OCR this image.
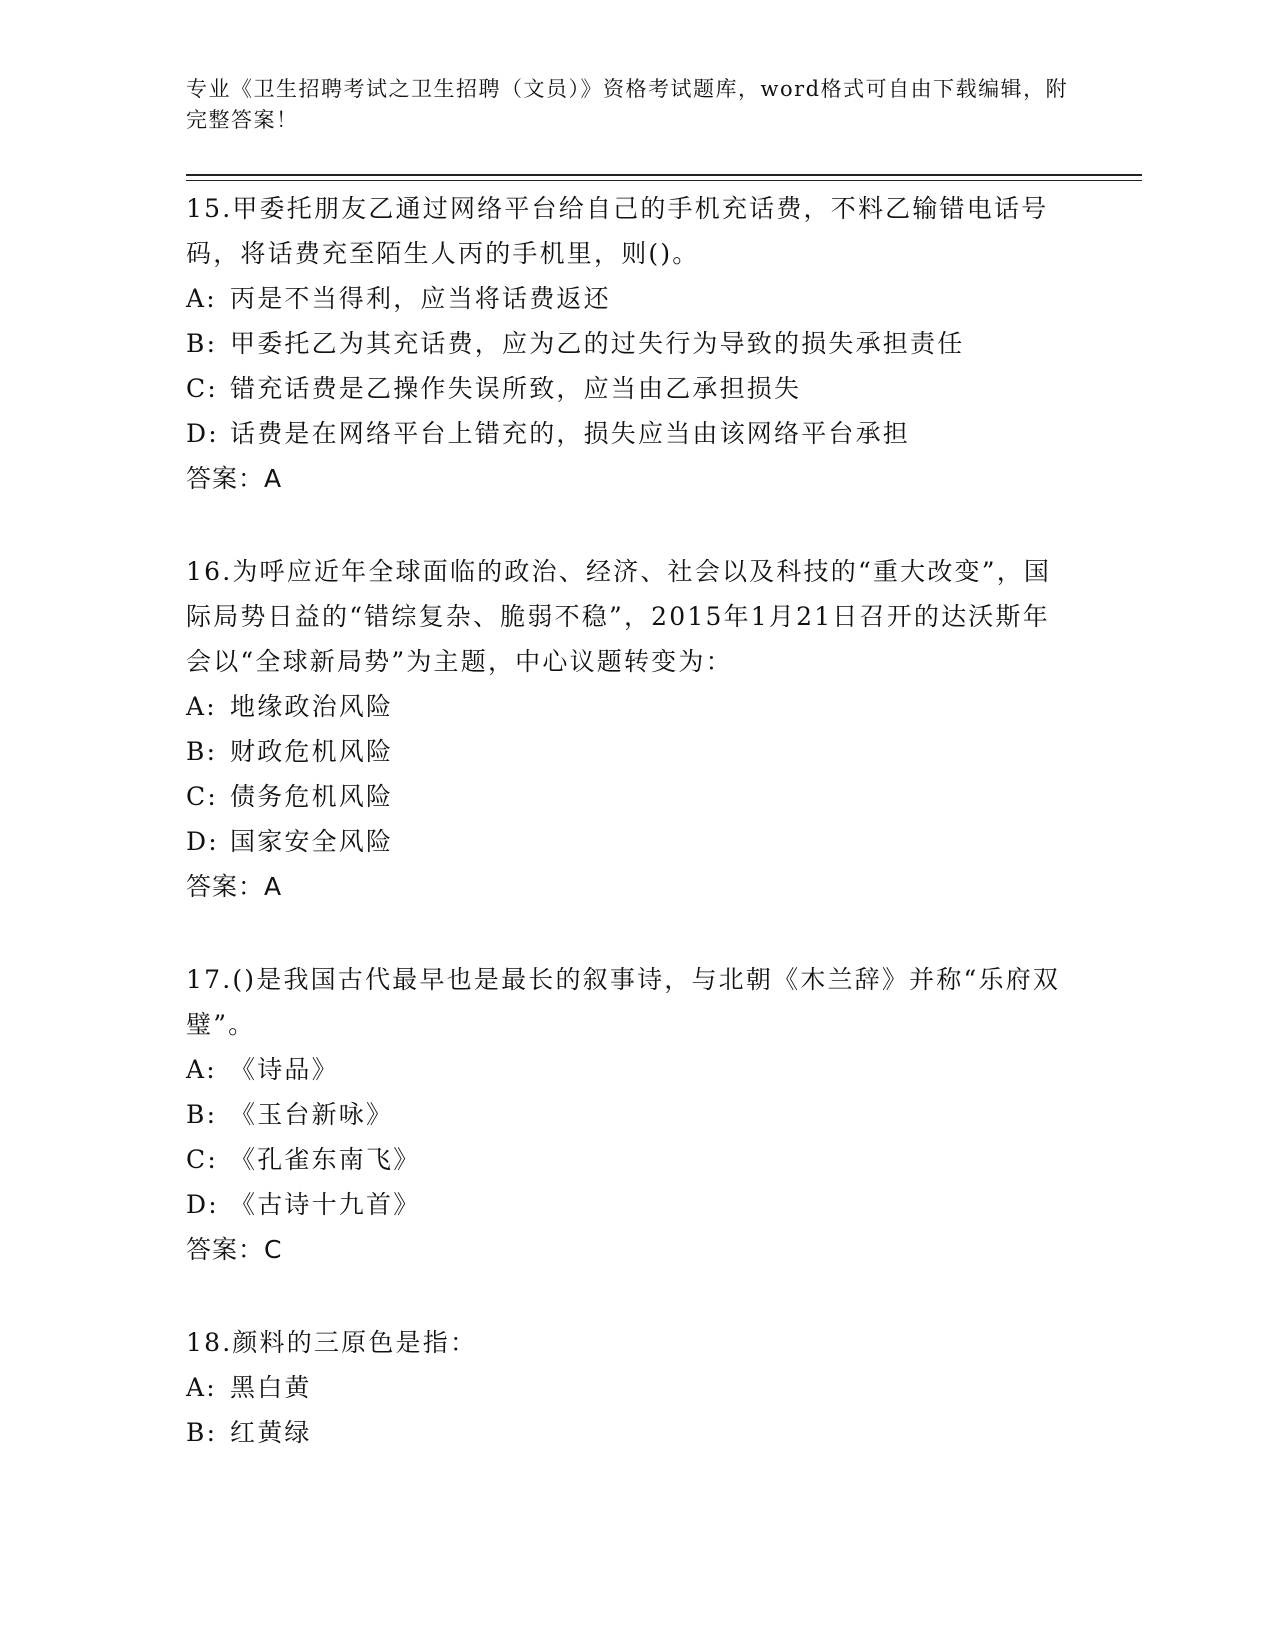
专业《卫生招聘考试之卫生招聘（文员）》资格考试题库，word格式可自由下载编辑，附完整答案！

15.甲委托朋友乙通过网络平台给自己的手机充话费，不料乙输错电话号码，将话费充至陌生人丙的手机里，则()。

A: 丙是不当得利，应当将话费返还

B: 甲委托乙为其充话费，应为乙的过失行为导致的损失承担责任

C: 错充话费是乙操作失误所致，应当由乙承担损失

D: 话费是在网络平台上错充的，损失应当由该网络平台承担

答案：A

16.为呼应近年全球面临的政治、经济、社会以及科技的“重大改变”，国际局势日益的“错综复杂、脆弱不稳”，2015年1月21日召开的达沃斯年会以“全球新局势”为主题，中心议题转变为：

A: 地缘政治风险

B: 财政危机风险

C: 债务危机风险

D: 国家安全风险

答案：A

17.()是我国古代最早也是最长的叙事诗，与北朝《木兰辞》并称“乐府双璧”。

A: 《诗品》

B: 《玉台新咏》

C: 《孔雀东南飞》

D: 《古诗十九首》

答案：C

18.颜料的三原色是指：

A: 黑白黄

B: 红黄绿
